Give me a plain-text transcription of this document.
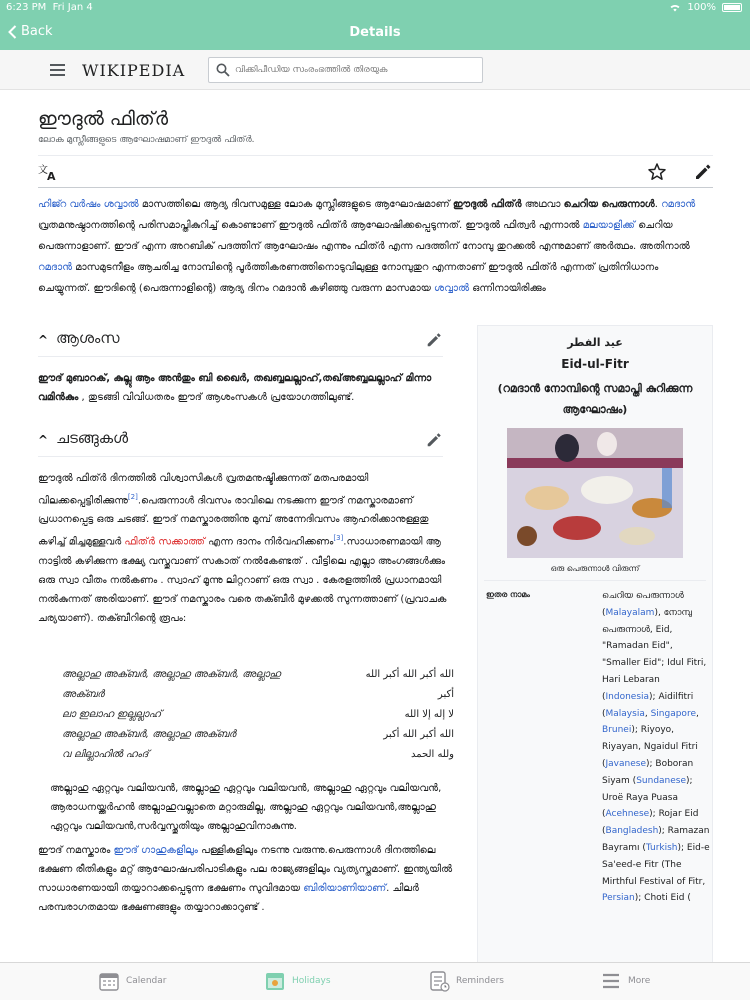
6:23 PM Fri Jan 4	100%
Back	Details
WIKIPEDIA
വിക്കിപീഡിയ സംരംഭത്തിൽ തിരയുക
ഈദുൽ ഫിത്ർ
ലോക മുസ്ലീങ്ങളുടെ ആഘോഷമാണ് ഈദുൽ ഫിത്ർ.
文 A
ഹിജ്റ വർഷം ശവ്വാൽ മാസത്തിലെ ആദ്യ ദിവസമുള്ള ലോക മുസ്ലീങ്ങളുടെ ആഘോഷമാണ് ഈദുൽ ഫിത്ർ അഥവാ ചെറിയ പെരുന്നാൾ. റമദാൻ വ്രതമനുഷ്ഠാനത്തിന്റെ പരിസമാപ്തികുറിച്ച് കൊണ്ടാണ് ഈദുൽ ഫിത്ർ ആഘോഷിക്കപ്പെടുന്നത്. ഈദുൽ ഫിത്വർ എന്നാൽ മലയാളിക്ക് ചെറിയ പെരുന്നാളാണ്. ഈദ് എന്ന അറബിക് പദത്തിന് ആഘോഷം എന്നും ഫിത്ർ എന്ന പദത്തിന് നോമ്പു തുറക്കൽ എന്നുമാണ് അർത്ഥം. അതിനാൽ റമദാൻ മാസമുടനീളം ആചരിച്ച നോമ്പിന്റെ പൂർത്തികരണത്തിനൊടുവിലുള്ള നോമ്പുതുറ എന്നതാണ് ഈദുൽ ഫിത്ർ എന്നത് പ്രതിനിധാനം ചെയ്യുന്നത്. ഈദിന്റെ (പെരുന്നാളിന്റെ) ആദ്യ ദിനം റമദാൻ കഴിഞ്ഞു വരുന്ന മാസമായ ശവ്വാൽ ഒന്നിനായിരിക്കും
^ ആശംസ
ഈദ് മുബാറക്, കുല്ലു ആം അൻതും ബി ഖൈർ, തഖബ്ബലല്ലാഹ്,തഖ്അബ്ബലല്ലാഹ് മിന്നാ വമിൻകും , തുടങ്ങി വിവിധതരം ഈദ് ആശംസകൾ പ്രയോഗത്തിലുണ്ട്.
^ ചടങ്ങുകൾ
ഈദുൽ ഫിത്ർ ദിനത്തിൽ വിശ്വാസികൾ വ്രതമനുഷ്ടിക്കുന്നത് മതപരമായി വിലക്കപ്പെട്ടിരിക്കുന്നു[2].പെരുന്നാൾ ദിവസം രാവിലെ നടക്കുന്ന ഈദ് നമസ്കാരമാണ് പ്രധാനപ്പെട്ട ഒരു ചടങ്ങ്. ഈദ് നമസ്കാരത്തിനു മുമ്പ് അന്നേദിവസം ആഹരിക്കാനുള്ളതു കഴിച്ച് മിച്ചമുള്ളവർ ഫിത്ർ സക്കാത്ത് എന്ന ദാനം നിർവഹിക്കണം[3].സാധാരണമായി ആ നാട്ടിൽ കഴിക്കുന്ന ഭക്ഷ്യ വസ്തുവാണ് സകാത് നൽകേണ്ടത് . വീട്ടിലെ എല്ലാ അംഗങ്ങൾക്കും ഒരു സ്വാ വീതം നൽകണം . സ്വാഹ് മൂന്നു ലിറ്ററാണ് ഒരു സ്വാ . കേരളത്തിൽ പ്രധാനമായി നൽകുന്നത് അരിയാണ്. ഈദ് നമസ്കാരം വരെ തക്ബീർ മുഴക്കൽ സുന്നത്താണ് (പ്രവാചക ചര്യയാണ്). തക്ബീറിന്റെ രൂപം:
അല്ലാഹു അക്ബർ, അല്ലാഹു അക്ബർ, അല്ലാഹു	الله أكبر الله أكبر الله
അക്ബർ	أكبر
ലാ ഇലാഹ ഇല്ലല്ലാഹ്	لا إله إلا الله
അല്ലാഹു അക്ബർ, അല്ലാഹു അക്ബർ	الله أكبر الله أكبر
വ ലില്ലാഹിൽ ഹംദ്	ولله الحمد
അല്ലാഹു ഏറ്റവും വലിയവൻ, അല്ലാഹു ഏറ്റവും വലിയവൻ, അല്ലാഹു ഏറ്റവും വലിയവൻ, ആരാധനയ്ക്കർഹൻ അല്ലാഹുവല്ലാതെ മറ്റാരുമില്ല, അല്ലാഹു ഏറ്റവും വലിയവൻ,അല്ലാഹു ഏറ്റവും വലിയവൻ,സർവ്വസ്തുതിയും അല്ലാഹുവിനാകുന്നു.
ഈദ് നമസ്കാരം ഈദ് ഗാഹുകളിലും പള്ളികളിലും നടന്നു വരുന്നു.പെരുന്നാൾ ദിനത്തിലെ ഭക്ഷണ രീതികളും മറ്റ് ആഘോഷപരിപാടികളും പല രാജ്യങ്ങളിലും വ്യത്യസ്തമാണ്. ഇന്ത്യയിൽ സാധാരണയായി തയ്യാറാക്കപ്പെടുന്ന ഭക്ഷണം സുവിദമായ ബിരിയാണിയാണ്. ചിലർ പരമ്പരാഗതമായ ഭക്ഷണങ്ങളും തയ്യാറാക്കാറുണ്ട് .
عيد الفطر
Eid-ul-Fitr
(റമദാൻ നോമ്പിന്റെ സമാപ്തി കുറിക്കുന്ന ആഘോഷം)
ഒരു പെരുന്നാൾ വിരുന്ന്
ഇതര നാമം	ചെറിയ പെരുന്നാൾ (Malayalam), നോമ്പു പെരുന്നാൾ, Eid, "Ramadan Eid", "Smaller Eid"; Idul Fitri, Hari Lebaran (Indonesia); Aidilfitri (Malaysia, Singapore, Brunei); Riyoyo, Riyayan, Ngaidul Fitri (Javanese); Boboran Siyam (Sundanese); Uroë Raya Puasa (Acehnese); Rojar Eid (Bangladesh); Ramazan Bayramı (Turkish); Eid-e Sa'eed-e Fitr (The Mirthful Festival of Fitr, Persian); Choti Eid (
Calendar	Holidays	Reminders	More
